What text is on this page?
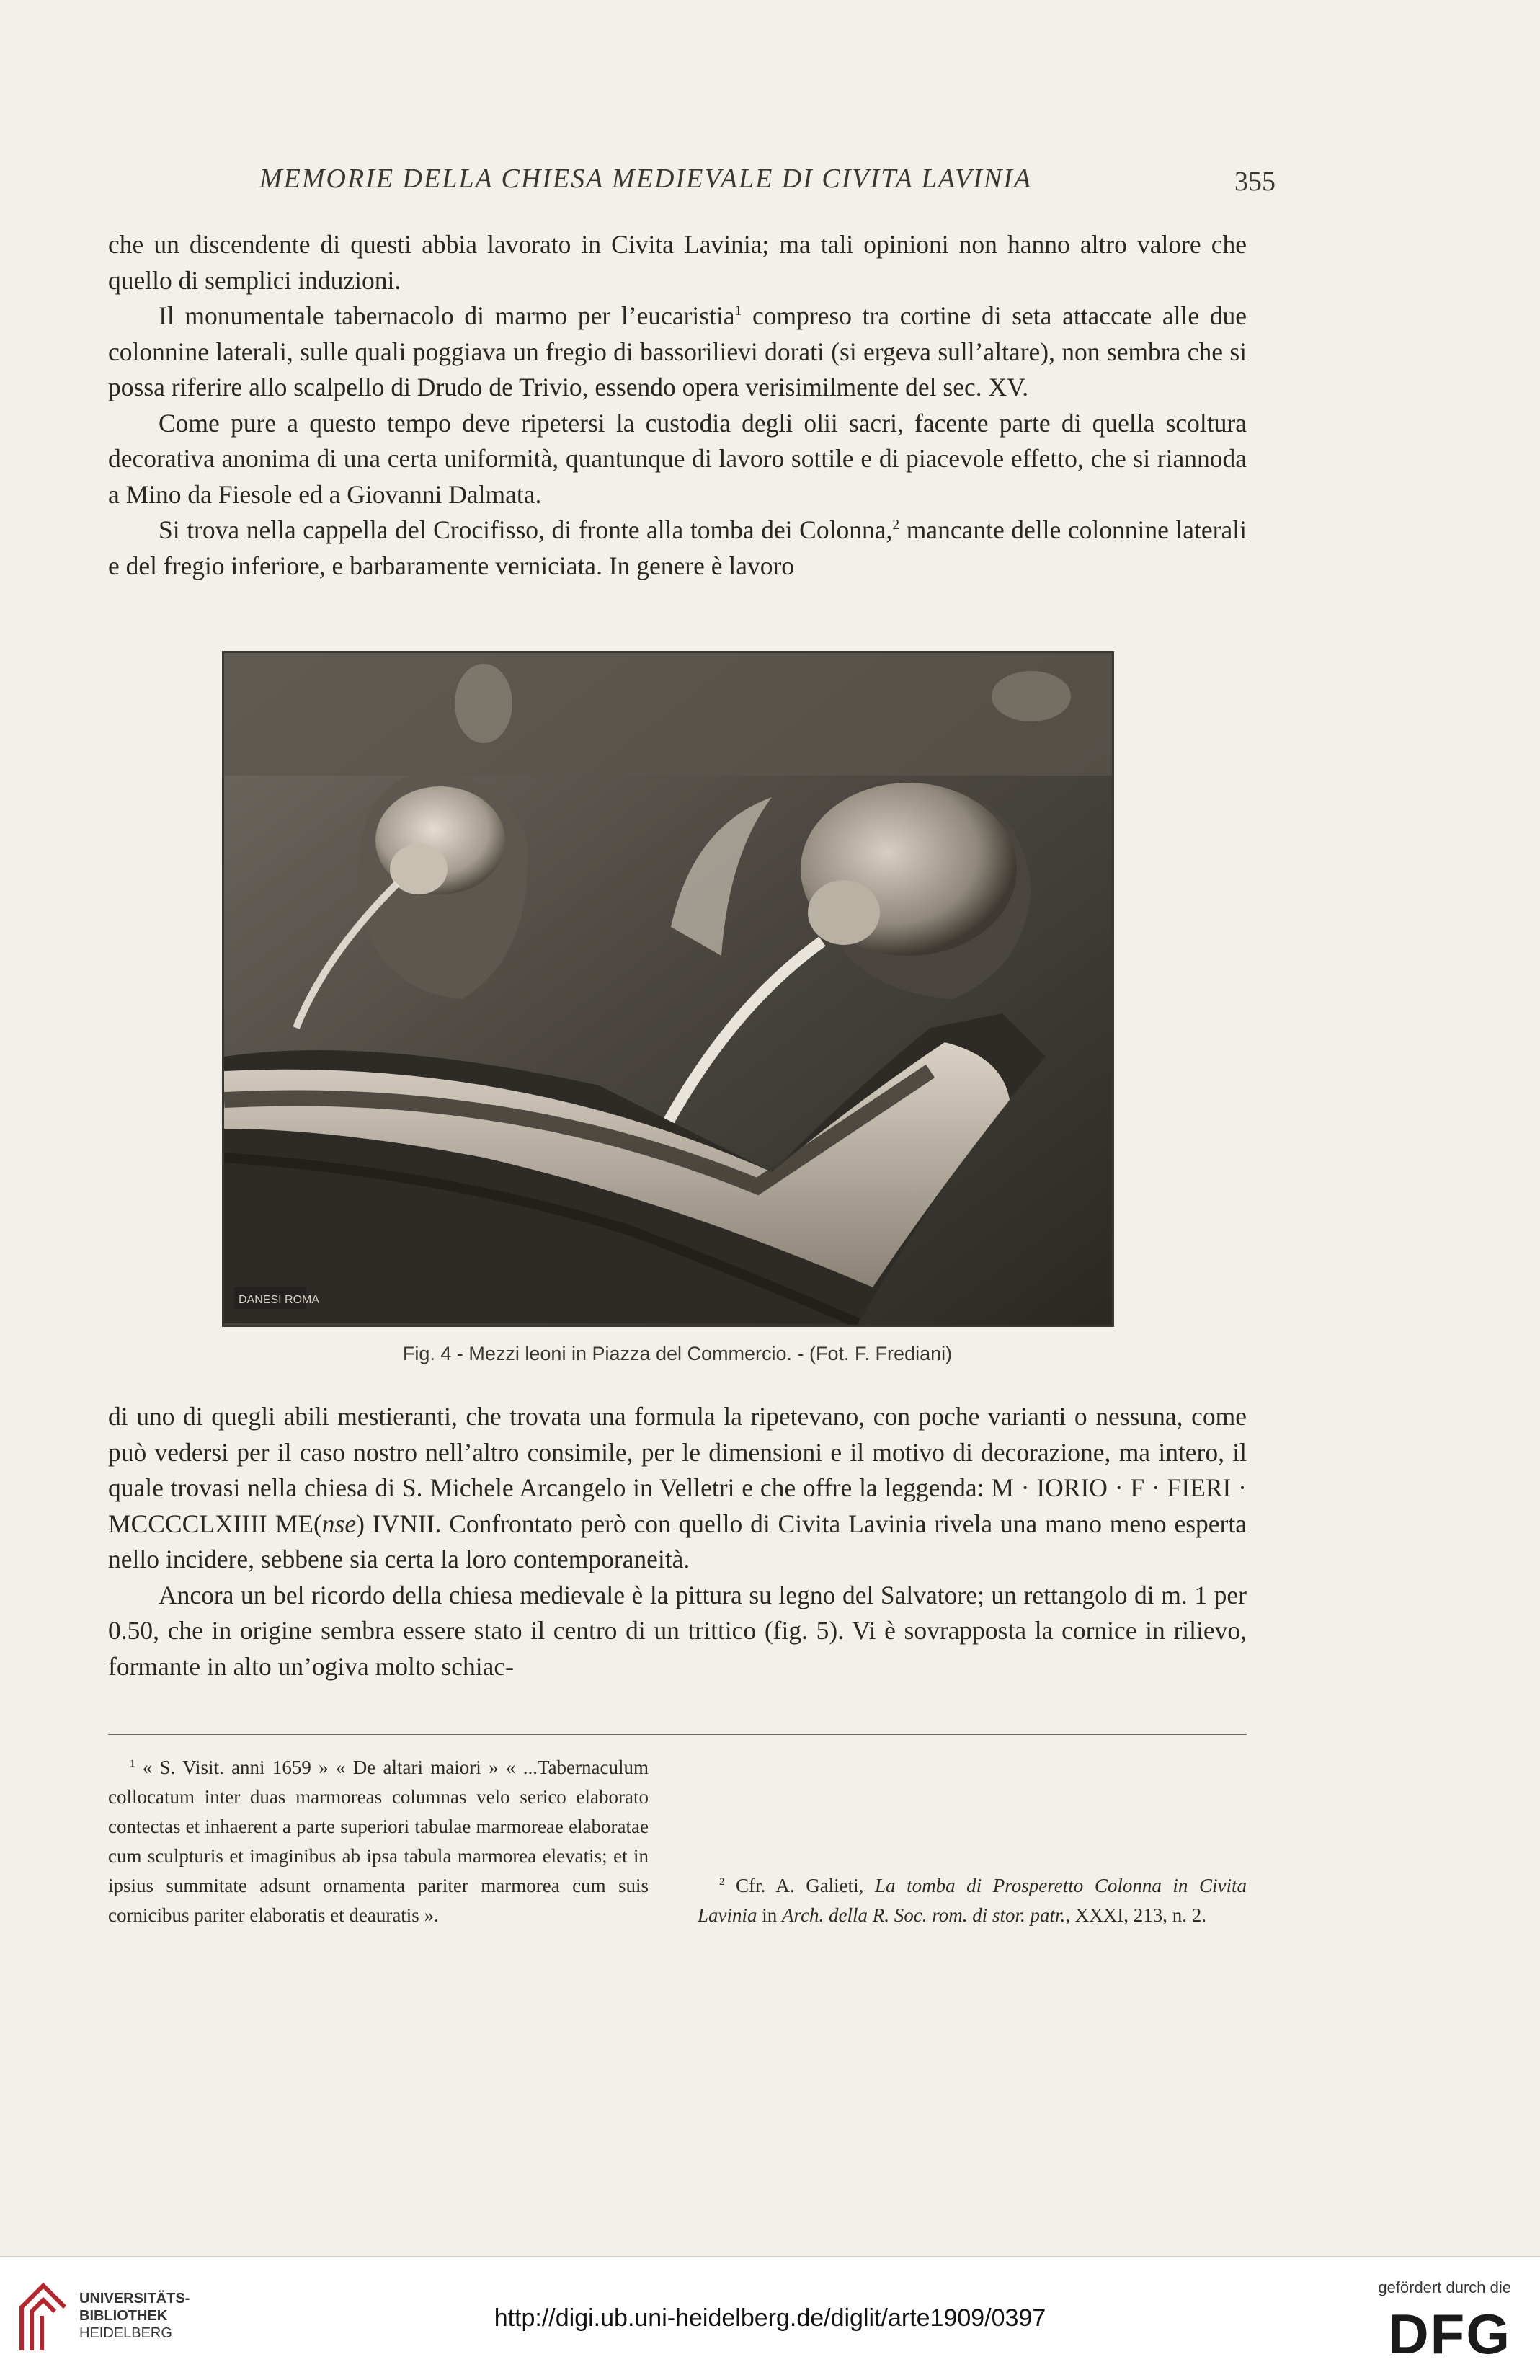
MEMORIE DELLA CHIESA MEDIEVALE DI CIVITA LAVINIA	355

che un discendente di questi abbia lavorato in Civita Lavinia; ma tali opinioni non hanno altro valore che quello di semplici induzioni.

Il monumentale tabernacolo di marmo per l’eucaristia$^1$ compreso tra cortine di seta attaccate alle due colonnine laterali, sulle quali poggiava un fregio di bassorilievi dorati (si ergeva sull’altare), non sembra che si possa riferire allo scalpello di Drudo de Trivio, essendo opera verisimilmente del sec. XV.

Come pure a questo tempo deve ripetersi la custodia degli olii sacri, facente parte di quella scoltura decorativa anonima di una certa uniformità, quantunque di lavoro sottile e di piacevole effetto, che si riannoda a Mino da Fiesole ed a Giovanni Dalmata.

Si trova nella cappella del Crocifisso, di fronte alla tomba dei Colonna,$^2$ mancante delle colonnine laterali e del fregio inferiore, e barbaramente verniciata. In genere è lavoro

DANESI ROMA
Fig. 4 - Mezzi leoni in Piazza del Commercio. - (Fot. F. Frediani)

di uno di quegli abili mestieranti, che trovata una formula la ripetevano, con poche varianti o nessuna, come può vedersi per il caso nostro nell’altro consimile, per le dimensioni e il motivo di decorazione, ma intero, il quale trovasi nella chiesa di S. Michele Arcangelo in Velletri e che offre la leggenda: M · IORIO · F · FIERI · MCCCCLXIIII ME(nse) IVNII. Confrontato però con quello di Civita Lavinia rivela una mano meno esperta nello incidere, sebbene sia certa la loro contemporaneità.

Ancora un bel ricordo della chiesa medievale è la pittura su legno del Salvatore; un rettangolo di m. 1 per 0.50, che in origine sembra essere stato il centro di un trittico (fig. 5). Vi è sovrapposta la cornice in rilievo, formante in alto un’ogiva molto schiac-

$^1$ « S. Visit. anni 1659 » « De altari maiori » « ...Tabernaculum collocatum inter duas marmoreas columnas velo serico elaborato contectas et inhaerent a parte superiori tabulae marmoreae elaboratae cum sculpturis et imaginibus ab ipsa tabula marmorea elevatis; et in ipsius summitate adsunt ornamenta pariter marmorea cum suis cornicibus pariter elaboratis et deauratis ».

$^2$ Cfr. A. Galieti, La tomba di Prosperetto Colonna in Civita Lavinia in Arch. della R. Soc. rom. di stor. patr., XXXI, 213, n. 2.

UNIVERSITÄTS-
BIBLIOTHEK
HEIDELBERG
http://digi.ub.uni-heidelberg.de/diglit/arte1909/0397
gefördert durch die
DFG
